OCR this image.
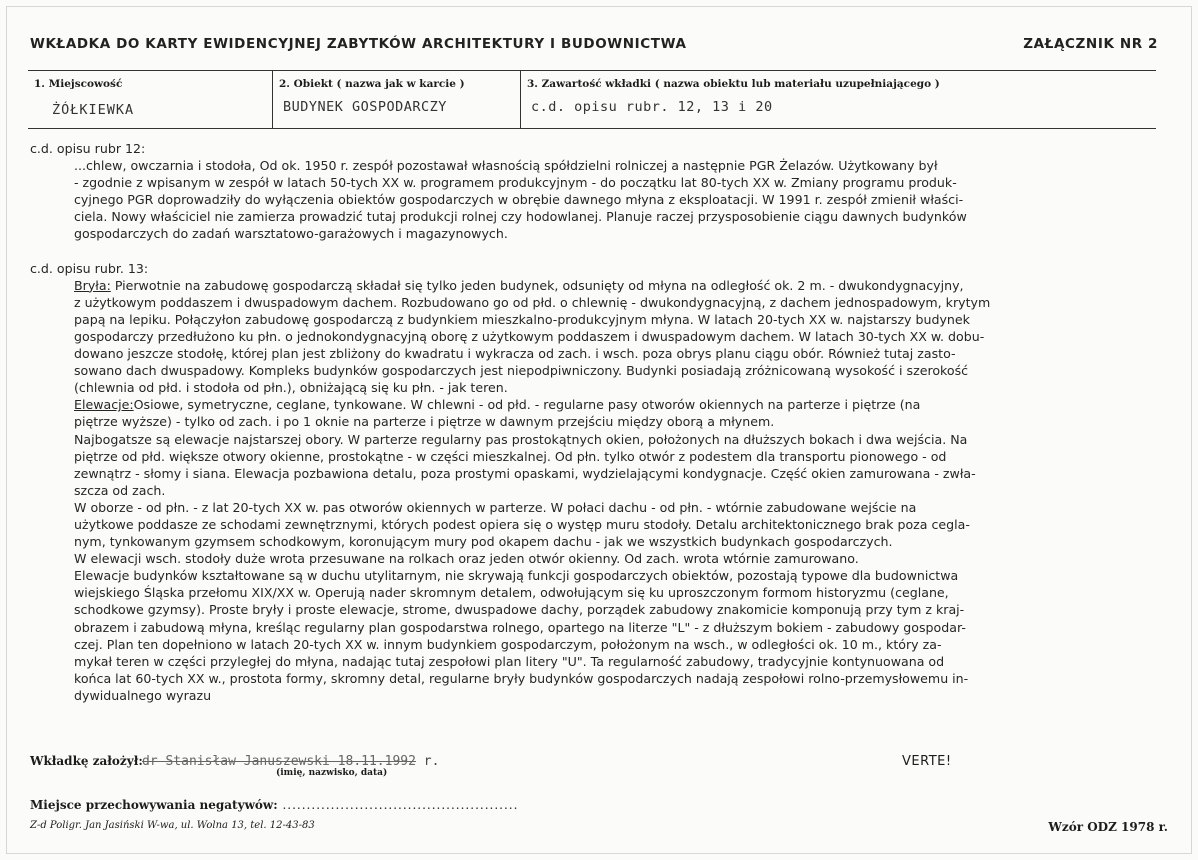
WKŁADKA DO KARTY EWIDENCYJNEJ ZABYTKÓW ARCHITEKTURY I BUDOWNICTWA	ZAŁĄCZNIK NR 2
1. Miejscowość
ŻÓŁKIEWKA
2. Obiekt ( nazwa jak w karcie )
BUDYNEK GOSPODARCZY
3. Zawartość wkładki ( nazwa obiektu lub materiału uzupełniającego )
c.d. opisu rubr. 12, 13 i 20

c.d. opisu rubr 12:

...chlew, owczarnia i stodoła, Od ok. 1950 r. zespół pozostawał własnością spółdzielni rolniczej a następnie PGR Żelazów. Użytkowany był

- zgodnie z wpisanym w zespół w latach 50-tych XX w. programem produkcyjnym - do początku lat 80-tych XX w. Zmiany programu produk-

cyjnego PGR doprowadziły do wyłączenia obiektów gospodarczych w obrębie dawnego młyna z eksploatacji. W 1991 r. zespół zmienił właści-

ciela. Nowy właściciel nie zamierza prowadzić tutaj produkcji rolnej czy hodowlanej. Planuje raczej przysposobienie ciągu dawnych budynków

gospodarczych do zadań warsztatowo-garażowych i magazynowych.

c.d. opisu rubr. 13:

Bryła: Pierwotnie na zabudowę gospodarczą składał się tylko jeden budynek, odsunięty od młyna na odległość ok. 2 m. - dwukondygnacyjny,

z użytkowym poddaszem i dwuspadowym dachem. Rozbudowano go od płd. o chlewnię - dwukondygnacyjną, z dachem jednospadowym, krytym

papą na lepiku. Połączyłon zabudowę gospodarczą z budynkiem mieszkalno-produkcyjnym młyna. W latach 20-tych XX w. najstarszy budynek

gospodarczy przedłużono ku płn. o jednokondygnacyjną oborę z użytkowym poddaszem i dwuspadowym dachem. W latach 30-tych XX w. dobu-

dowano jeszcze stodołę, której plan jest zbliżony do kwadratu i wykracza od zach. i wsch. poza obrys planu ciągu obór. Również tutaj zasto-

sowano dach dwuspadowy. Kompleks budynków gospodarczych jest niepodpiwniczony. Budynki posiadają zróżnicowaną wysokość i szerokość

(chlewnia od płd. i stodoła od płn.), obniżającą się ku płn. - jak teren.

Elewacje:Osiowe, symetryczne, ceglane, tynkowane. W chlewni - od płd. - regularne pasy otworów okiennych na parterze i piętrze (na

piętrze wyższe) - tylko od zach. i po 1 oknie na parterze i piętrze w dawnym przejściu między oborą a młynem.

Najbogatsze są elewacje najstarszej obory. W parterze regularny pas prostokątnych okien, położonych na dłuższych bokach i dwa wejścia. Na

piętrze od płd. większe otwory okienne, prostokątne - w części mieszkalnej. Od płn. tylko otwór z podestem dla transportu pionowego - od

zewnątrz - słomy i siana. Elewacja pozbawiona detalu, poza prostymi opaskami, wydzielającymi kondygnacje. Część okien zamurowana - zwła-

szcza od zach.

W oborze - od płn. - z lat 20-tych XX w. pas otworów okiennych w parterze. W połaci dachu - od płn. - wtórnie zabudowane wejście na

użytkowe poddasze ze schodami zewnętrznymi, których podest opiera się o występ muru stodoły. Detalu architektonicznego brak poza cegla-

nym, tynkowanym gzymsem schodkowym, koronującym mury pod okapem dachu - jak we wszystkich budynkach gospodarczych.

W elewacji wsch. stodoły duże wrota przesuwane na rolkach oraz jeden otwór okienny. Od zach. wrota wtórnie zamurowano.

Elewacje budynków kształtowane są w duchu utylitarnym, nie skrywają funkcji gospodarczych obiektów, pozostają typowe dla budownictwa

wiejskiego Śląska przełomu XIX/XX w. Operują nader skromnym detalem, odwołującym się ku uproszczonym formom historyzmu (ceglane,

schodkowe gzymsy). Proste bryły i proste elewacje, strome, dwuspadowe dachy, porządek zabudowy znakomicie komponują przy tym z kraj-

obrazem i zabudową młyna, kreśląc regularny plan gospodarstwa rolnego, opartego na literze "L" - z dłuższym bokiem - zabudowy gospodar-

czej. Plan ten dopełniono w latach 20-tych XX w. innym budynkiem gospodarczym, położonym na wsch., w odległości ok. 10 m., który za-

mykał teren w części przyległej do młyna, nadając tutaj zespołowi plan litery "U". Ta regularność zabudowy, tradycyjnie kontynuowana od

końca lat 60-tych XX w., prostota formy, skromny detal, regularne bryły budynków gospodarczych nadają zespołowi rolno-przemysłowemu in-

dywidualnego wyrazu

Wkładkę założył: dr Stanisław Januszewski 18.11.1992 r.
(imię, nazwisko, data)
VERTE!
Miejsce przechowywania negatywów: .................................................
Z-d Poligr. Jan Jasiński W-wa, ul. Wolna 13, tel. 12-43-83	Wzór ODZ 1978 r.
